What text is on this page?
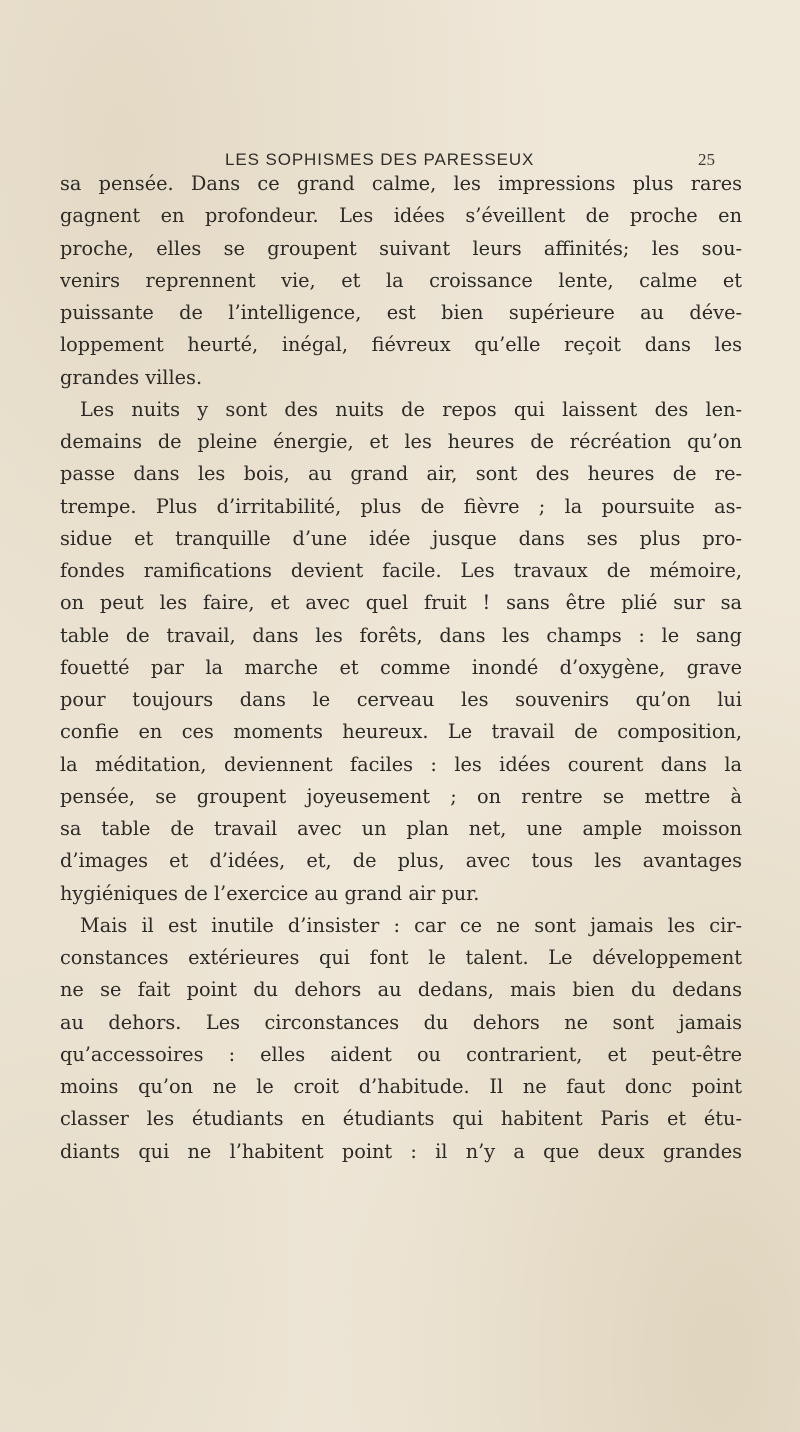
LES SOPHISMES DES PARESSEUX	25
sa pensée. Dans ce grand calme, les impressions plus rares
gagnent en profondeur. Les idées s’éveillent de proche en
proche, elles se groupent suivant leurs affinités; les sou-
venirs reprennent vie, et la croissance lente, calme et
puissante de l’intelligence, est bien supérieure au déve-
loppement heurté, inégal, fiévreux qu’elle reçoit dans les
grandes villes.
Les nuits y sont des nuits de repos qui laissent des len-
demains de pleine énergie, et les heures de récréation qu’on
passe dans les bois, au grand air, sont des heures de re-
trempe. Plus d’irritabilité, plus de fièvre ; la poursuite as-
sidue et tranquille d’une idée jusque dans ses plus pro-
fondes ramifications devient facile. Les travaux de mémoire,
on peut les faire, et avec quel fruit ! sans être plié sur sa
table de travail, dans les forêts, dans les champs : le sang
fouetté par la marche et comme inondé d’oxygène, grave
pour toujours dans le cerveau les souvenirs qu’on lui
confie en ces moments heureux. Le travail de composition,
la méditation, deviennent faciles : les idées courent dans la
pensée, se groupent joyeusement ; on rentre se mettre à
sa table de travail avec un plan net, une ample moisson
d’images et d’idées, et, de plus, avec tous les avantages
hygiéniques de l’exercice au grand air pur.
Mais il est inutile d’insister : car ce ne sont jamais les cir-
constances extérieures qui font le talent. Le développement
ne se fait point du dehors au dedans, mais bien du dedans
au dehors. Les circonstances du dehors ne sont jamais
qu’accessoires : elles aident ou contrarient, et peut-être
moins qu’on ne le croit d’habitude. Il ne faut donc point
classer les étudiants en étudiants qui habitent Paris et étu-
diants qui ne l’habitent point : il n’y a que deux grandes
